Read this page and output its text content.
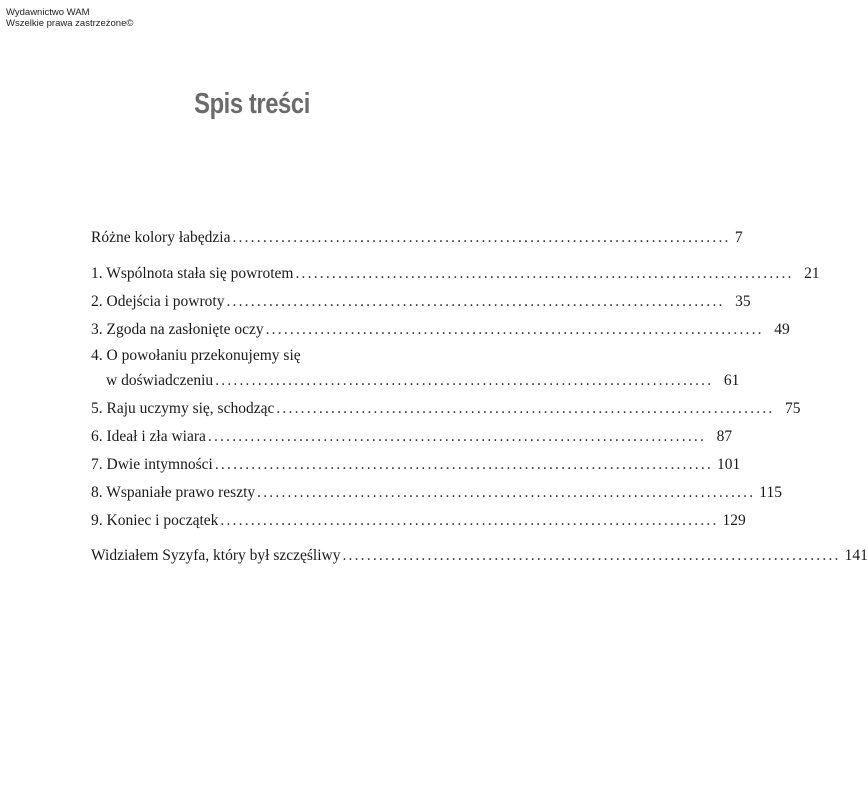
Wydawnictwo WAM
Wszelkie prawa zastrzeżone©
Spis treści
Różne kolory łabędzia .................................................................................. 7
1. Wspólnota stała się powrotem .................................................................................. 21
2. Odejścia i powroty .................................................................................. 35
3. Zgoda na zasłonięte oczy .................................................................................. 49
4. O powołaniu przekonujemy się
w doświadczeniu .................................................................................. 61
5. Raju uczymy się, schodząc .................................................................................. 75
6. Ideał i zła wiara .................................................................................. 87
7. Dwie intymności .................................................................................. 101
8. Wspaniałe prawo reszty .................................................................................. 115
9. Koniec i początek .................................................................................. 129
Widziałem Syzyfa, który był szczęśliwy .................................................................................. 141
